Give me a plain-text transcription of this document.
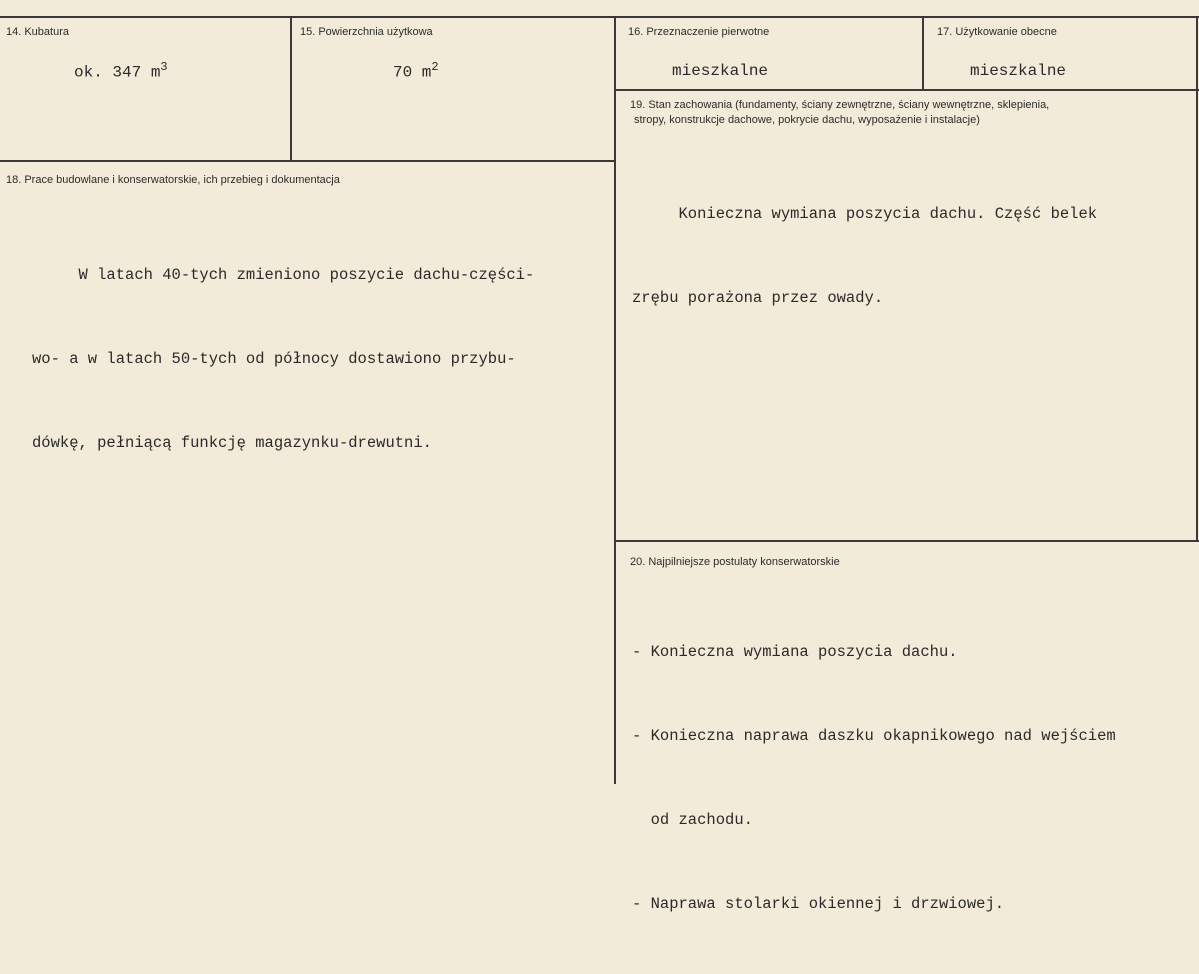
14. Kubatura
ok. 347 $m^3$
15. Powierzchnia użytkowa
70 $m^2$
16. Przeznaczenie pierwotne
mieszkalne
17. Użytkowanie obecne
mieszkalne
18. Prace budowlane i konserwatorskie, ich przebieg i dokumentacja

W latach 40-tych zmieniono poszycie dachu-części-

wo- a w latach 50-tych od północy dostawiono przybu-

dówkę, pełniącą funkcję magazynku-drewutni.

19. Stan zachowania (fundamenty, ściany zewnętrzne, ściany wewnętrzne, sklepienia,
stropy, konstrukcje dachowe, pokrycie dachu, wyposażenie i instalacje)

Konieczna wymiana poszycia dachu. Część belek

zrębu porażona przez owady.

20. Najpilniejsze postulaty konserwatorskie

- Konieczna wymiana poszycia dachu.

- Konieczna naprawa daszku okapnikowego nad wejściem

od zachodu.

- Naprawa stolarki okiennej i drzwiowej.
